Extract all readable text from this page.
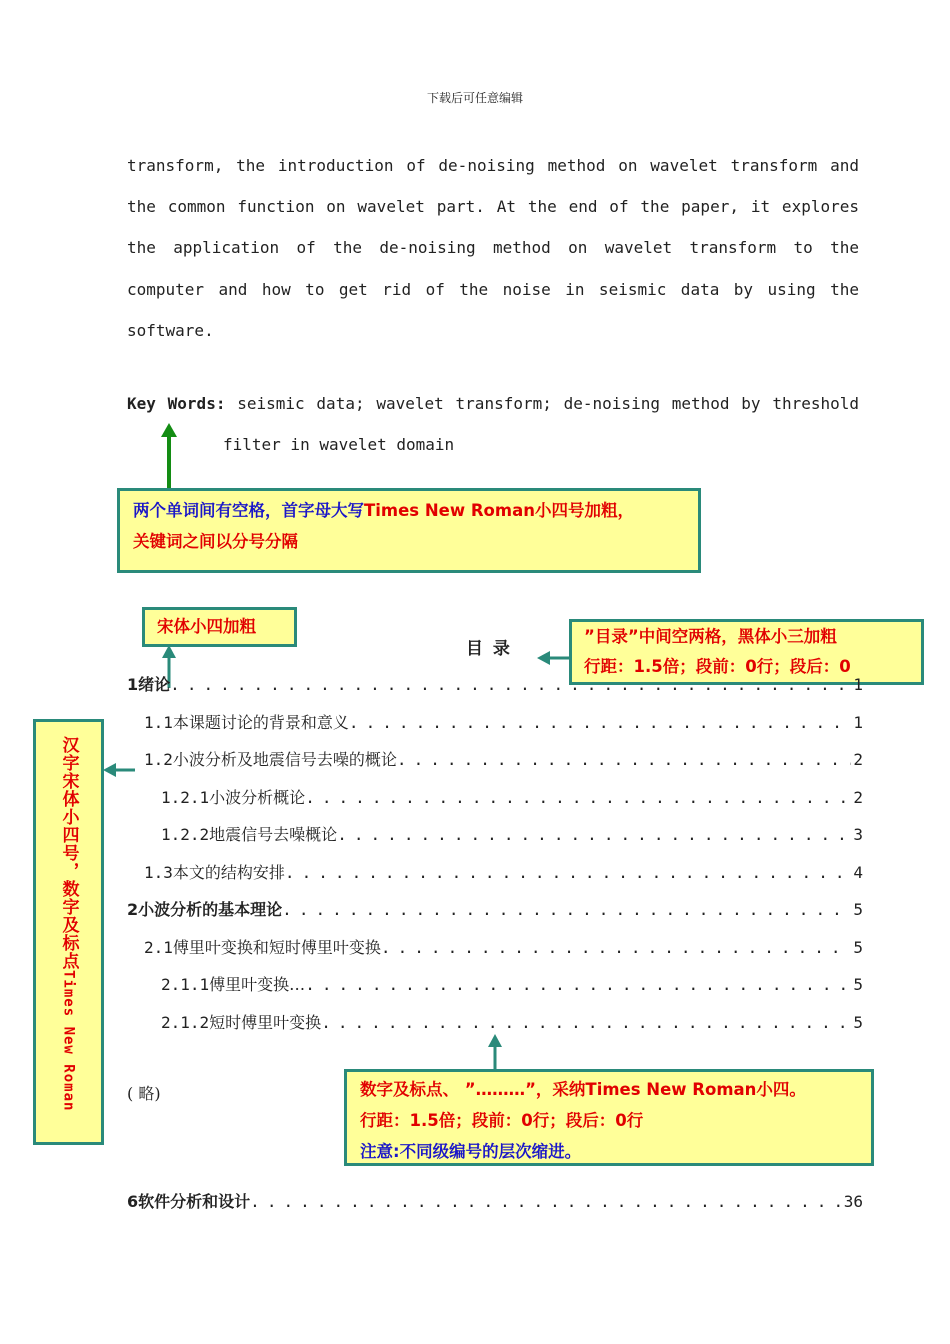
下载后可任意编辑
transform, the introduction of de-noising method on wavelet transform and
the common function on wavelet part. At the end of the paper, it explores
the application of the de-noising method on wavelet transform to the
computer and how to get rid of the noise in seismic data by using the
software.
Key Words: seismic data; wavelet transform; de-noising method by threshold
filter in wavelet domain
两个单词间有空格，首字母大写Times New Roman小四号加粗，
关键词之间以分号分隔
宋体小四加粗
目 录
”目录”中间空两格，黑体小三加粗
行距：1.5倍；段前：0行；段后：0
1 绪论 . . .	1
1.1 本课题讨论的背景和意义 . . .	1
1.2 小波分析及地震信号去噪的概论 . . .	2
1.2.1 小波分析概论 . . .	2
1.2.2 地震信号去噪概论 . . .	3
1.3 本文的结构安排 . . .	4
2 小波分析的基本理论 . . .	5
2.1 傅里叶变换和短时傅里叶变换 . . .	5
2.1.1 傅里叶变换… . . .	5
2.1.2 短时傅里叶变换 . . .	5
( 略)
6 软件分析和设计 . . .	36
汉字宋体小四号，数字及标点Times New Roman	数字及标点、 ”………”，采纳Times New Roman小四。
行距：1.5倍；段前：0行；段后：0行
注意:不同级编号的层次缩进。
